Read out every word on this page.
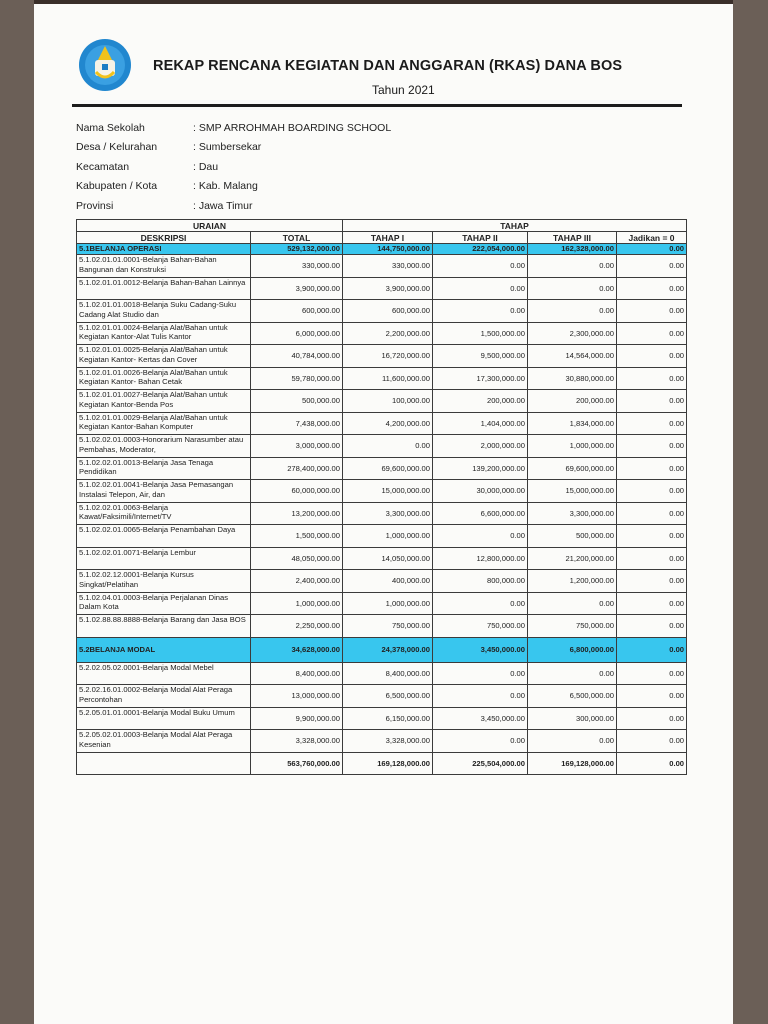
REKAP RENCANA KEGIATAN DAN ANGGARAN (RKAS) DANA BOS
Tahun 2021
Nama Sekolah	: SMP ARROHMAH BOARDING SCHOOL
Desa / Kelurahan	: Sumbersekar
Kecamatan	: Dau
Kabupaten / Kota	: Kab. Malang
Provinsi	: Jawa Timur
URAIAN		TAHAP			
DESKRIPSI	TOTAL	TAHAP I	TAHAP II	TAHAP III	Jadikan = 0
5.1BELANJA OPERASI	529,132,000.00	144,750,000.00	222,054,000.00	162,328,000.00	0.00

5.1.02.01.01.0001-Belanja Bahan-Bahan Bangunan dan Konstruksi	330,000.00	330,000.00	0.00	0.00	0.00

5.1.02.01.01.0012-Belanja Bahan-Bahan Lainnya	3,900,000.00	3,900,000.00	0.00	0.00	0.00

5.1.02.01.01.0018-Belanja Suku Cadang-Suku Cadang Alat Studio dan	600,000.00	600,000.00	0.00	0.00	0.00

5.1.02.01.01.0024-Belanja Alat/Bahan untuk Kegiatan Kantor-Alat Tulis Kantor	6,000,000.00	2,200,000.00	1,500,000.00	2,300,000.00	0.00

5.1.02.01.01.0025-Belanja Alat/Bahan untuk Kegiatan Kantor- Kertas dan Cover	40,784,000.00	16,720,000.00	9,500,000.00	14,564,000.00	0.00

5.1.02.01.01.0026-Belanja Alat/Bahan untuk Kegiatan Kantor- Bahan Cetak	59,780,000.00	11,600,000.00	17,300,000.00	30,880,000.00	0.00

5.1.02.01.01.0027-Belanja Alat/Bahan untuk Kegiatan Kantor-Benda Pos	500,000.00	100,000.00	200,000.00	200,000.00	0.00

5.1.02.01.01.0029-Belanja Alat/Bahan untuk Kegiatan Kantor-Bahan Komputer	7,438,000.00	4,200,000.00	1,404,000.00	1,834,000.00	0.00

5.1.02.02.01.0003-Honorarium Narasumber atau Pembahas, Moderator,	3,000,000.00	0.00	2,000,000.00	1,000,000.00	0.00

5.1.02.02.01.0013-Belanja Jasa Tenaga Pendidikan	278,400,000.00	69,600,000.00	139,200,000.00	69,600,000.00	0.00

5.1.02.02.01.0041-Belanja Jasa Pemasangan Instalasi Telepon, Air, dan	60,000,000.00	15,000,000.00	30,000,000.00	15,000,000.00	0.00

5.1.02.02.01.0063-Belanja Kawat/Faksimili/Internet/TV	13,200,000.00	3,300,000.00	6,600,000.00	3,300,000.00	0.00

5.1.02.02.01.0065-Belanja Penambahan Daya	1,500,000.00	1,000,000.00	0.00	500,000.00	0.00

5.1.02.02.01.0071-Belanja Lembur	48,050,000.00	14,050,000.00	12,800,000.00	21,200,000.00	0.00

5.1.02.02.12.0001-Belanja Kursus Singkat/Pelatihan	2,400,000.00	400,000.00	800,000.00	1,200,000.00	0.00

5.1.02.04.01.0003-Belanja Perjalanan Dinas Dalam Kota	1,000,000.00	1,000,000.00	0.00	0.00	0.00

5.1.02.88.88.8888-Belanja Barang dan Jasa BOS	2,250,000.00	750,000.00	750,000.00	750,000.00	0.00
5.2BELANJA MODAL	34,628,000.00	24,378,000.00	3,450,000.00	6,800,000.00	0.00

5.2.02.05.02.0001-Belanja Modal Mebel	8,400,000.00	8,400,000.00	0.00	0.00	0.00

5.2.02.16.01.0002-Belanja Modal Alat Peraga Percontohan	13,000,000.00	6,500,000.00	0.00	6,500,000.00	0.00

5.2.05.01.01.0001-Belanja Modal Buku Umum	9,900,000.00	6,150,000.00	3,450,000.00	300,000.00	0.00

5.2.05.02.01.0003-Belanja Modal Alat Peraga Kesenian	3,328,000.00	3,328,000.00	0.00	0.00	0.00
	563,760,000.00	169,128,000.00	225,504,000.00	169,128,000.00	0.00
